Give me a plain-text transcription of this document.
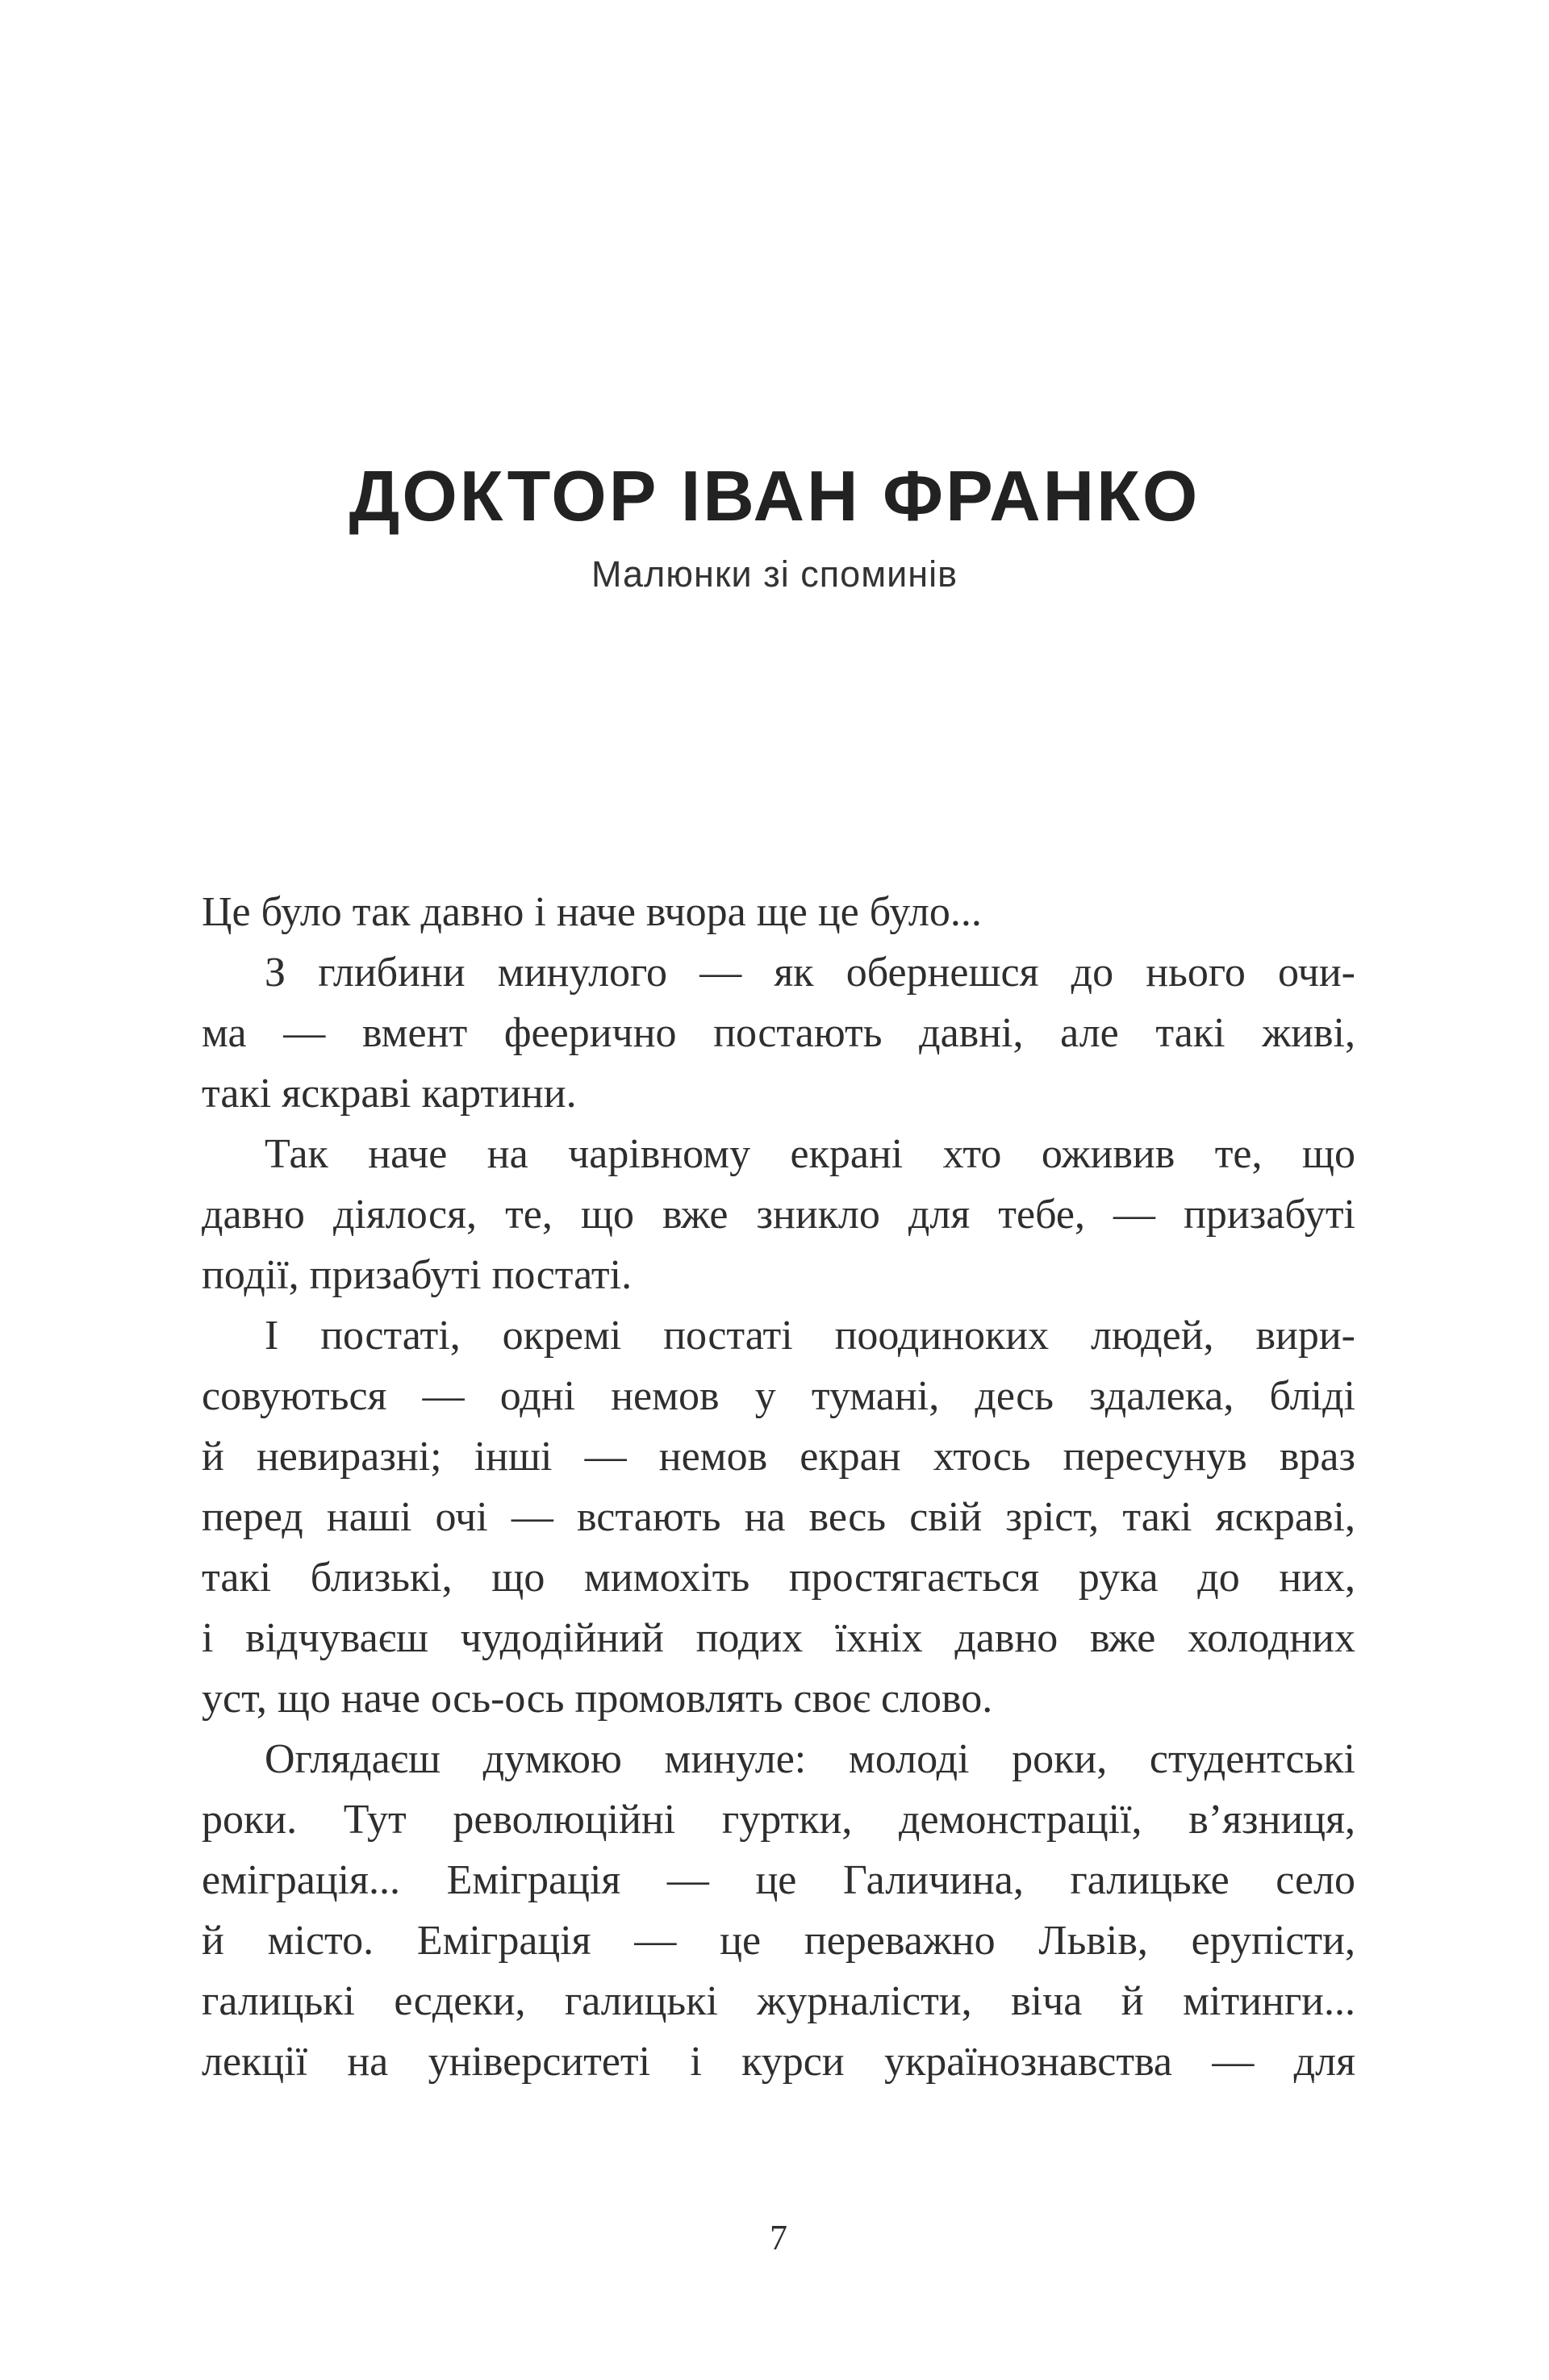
ДОКТОР ІВАН ФРАНКО
Малюнки зі споминів
Це було так давно і наче вчора ще це було...
З глибини минулого — як обернешся до нього очи-
ма — вмент феерично постають давні, але такі живі,
такі яскраві картини.
Так наче на чарівному екрані хто оживив те, що
давно діялося, те, що вже зникло для тебе, — призабуті
події, призабуті постаті.
І постаті, окремі постаті поодиноких людей, вири-
совуються — одні немов у тумані, десь здалека, бліді
й невиразні; інші — немов екран хтось пересунув враз
перед наші очі — встають на весь свій зріст, такі яскраві,
такі близькі, що мимохіть простягається рука до них,
і відчуваєш чудодійний подих їхніх давно вже холодних
уст, що наче ось-ось промовлять своє слово.
Оглядаєш думкою минуле: молоді роки, студентські
роки. Тут революційні гуртки, демонстрації, в’язниця,
еміграція... Еміграція — це Галичина, галицьке село
й місто. Еміграція — це переважно Львів, ерупісти,
галицькі есдеки, галицькі журналісти, віча й мітинги...
лекції на університеті і курси українознавства — для
7
